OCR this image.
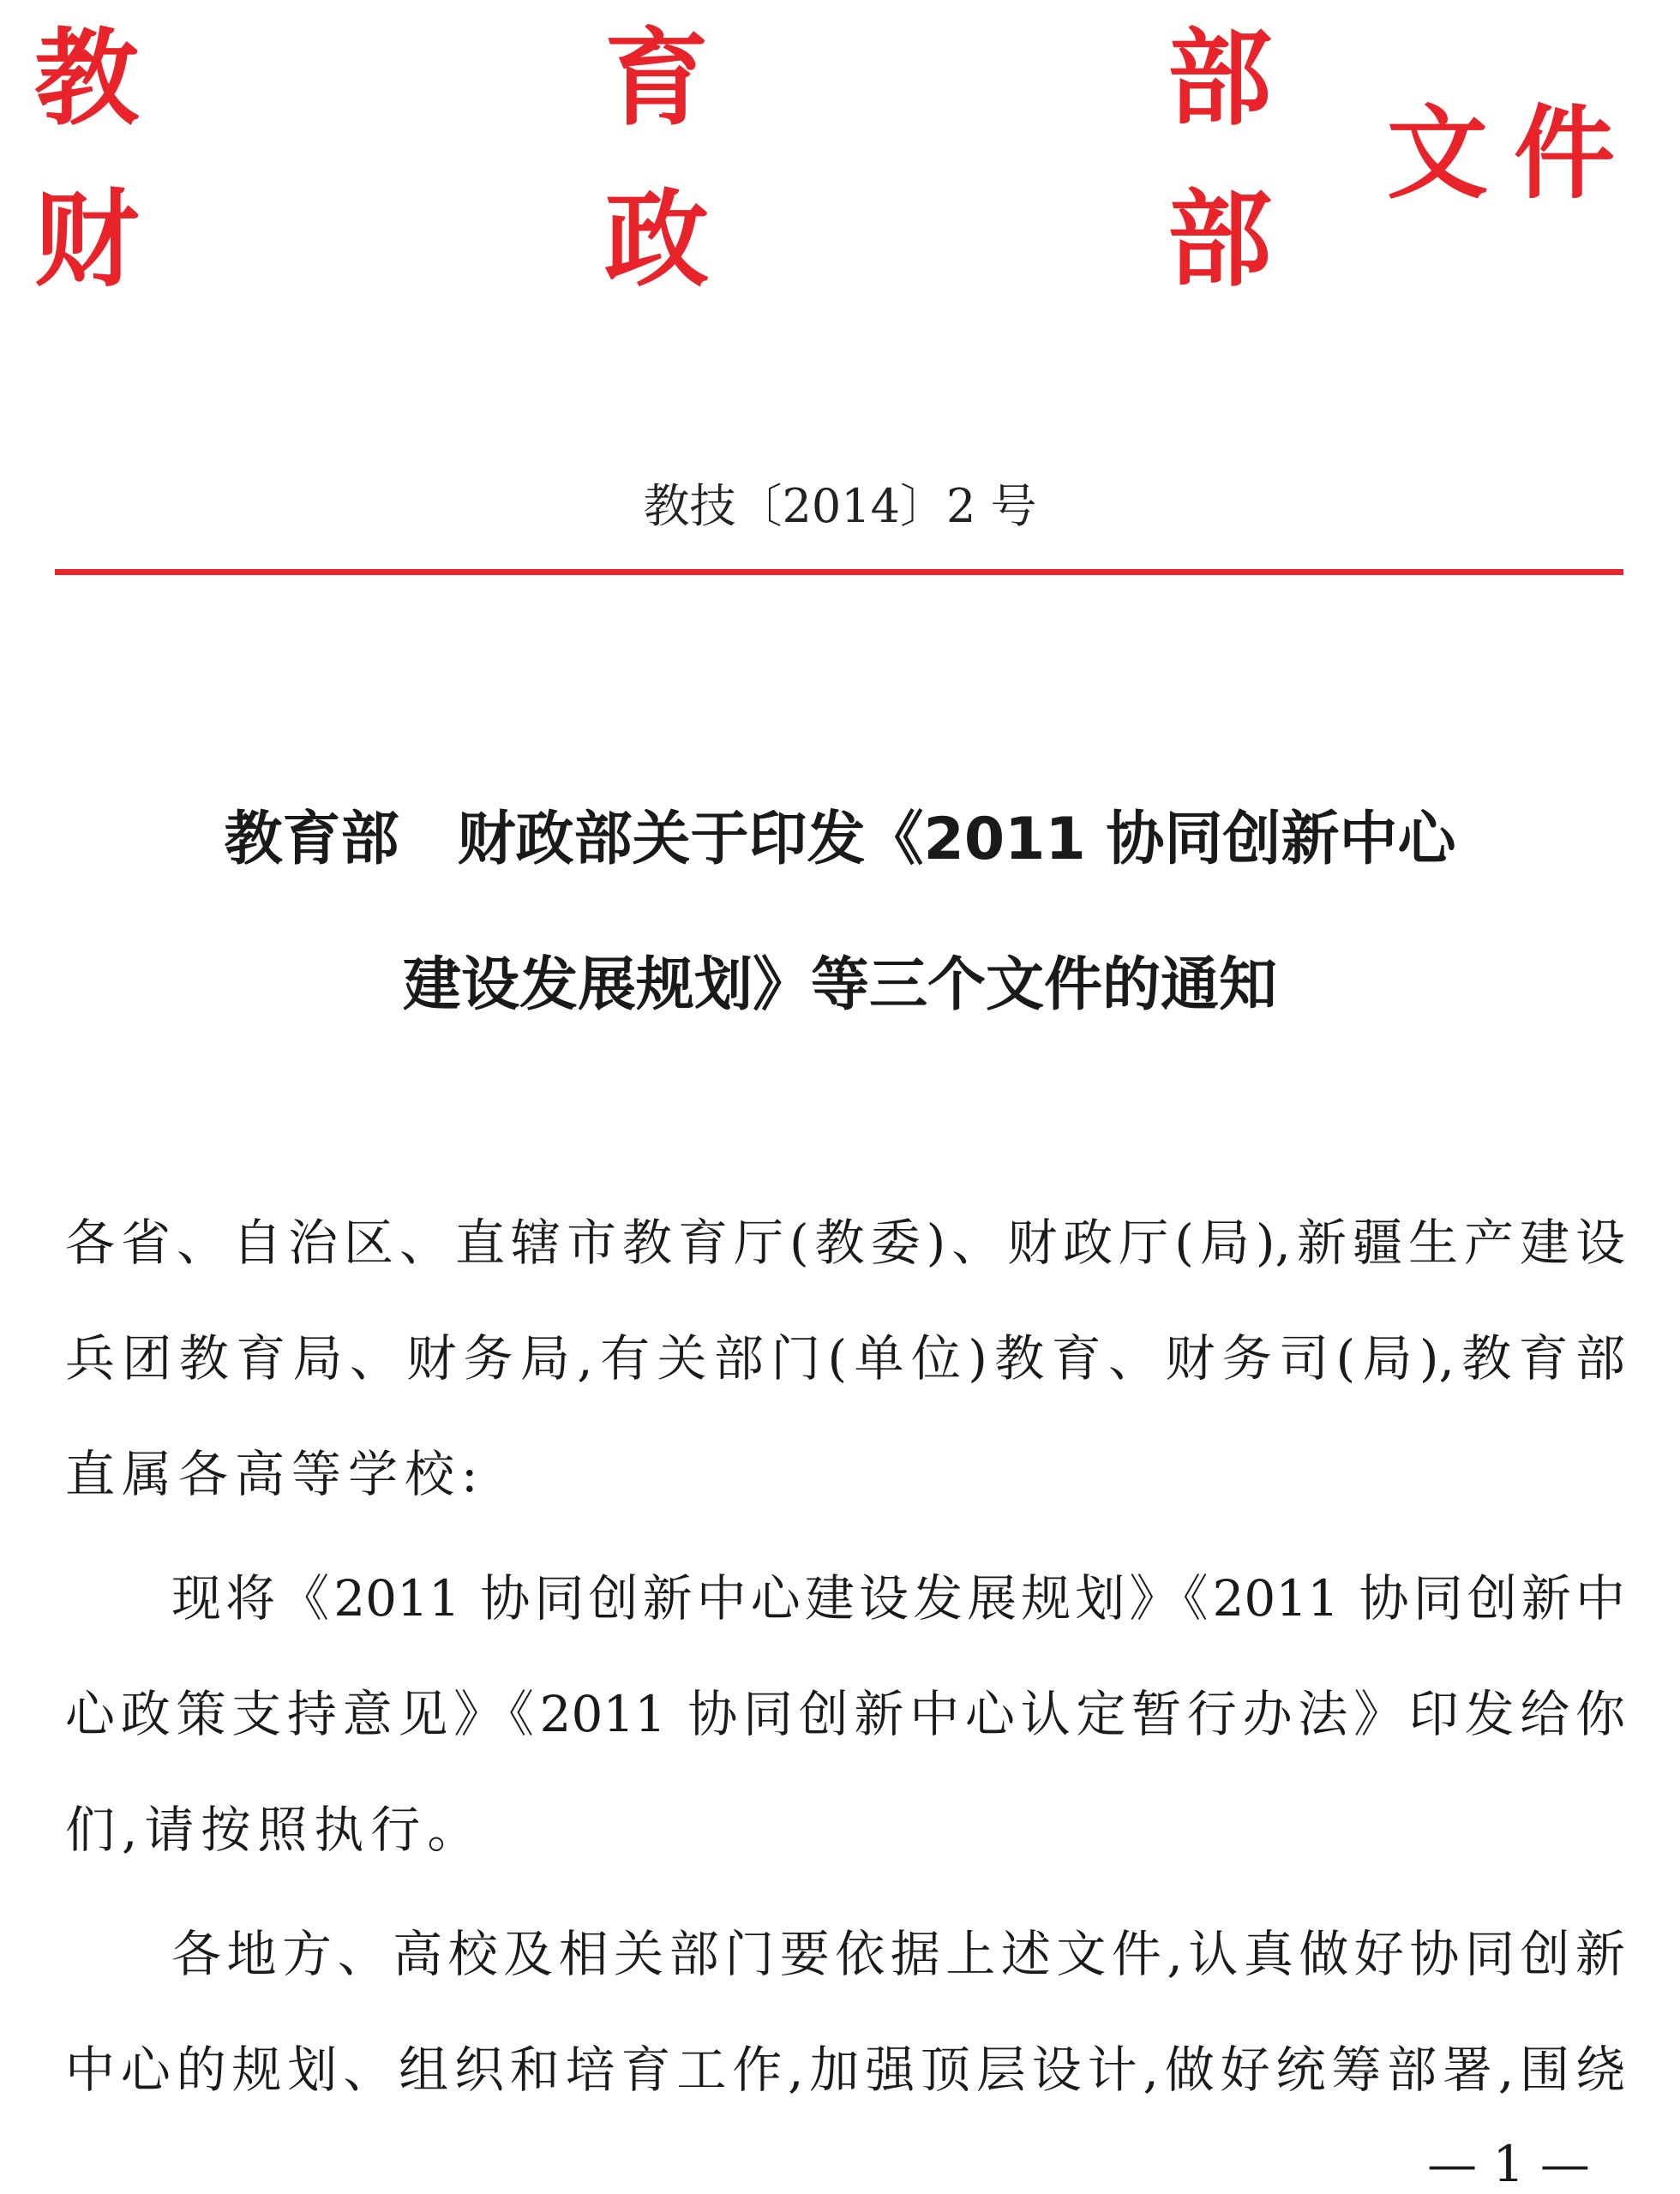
教	育	部
财	政	部
文件
教技〔2014〕2 号
教育部　财政部关于印发《2011 协同创新中心
建设发展规划》等三个文件的通知
各省、自治区、直辖市教育厅(教委)、财政厅(局),新疆生产建设
兵团教育局、财务局,有关部门(单位)教育、财务司(局),教育部
直属各高等学校:
现将《2011 协同创新中心建设发展规划》《2011 协同创新中
心政策支持意见》《2011 协同创新中心认定暂行办法》印发给你
们,请按照执行。
各地方、高校及相关部门要依据上述文件,认真做好协同创新
中心的规划、组织和培育工作,加强顶层设计,做好统筹部署,围绕
— 1 —
